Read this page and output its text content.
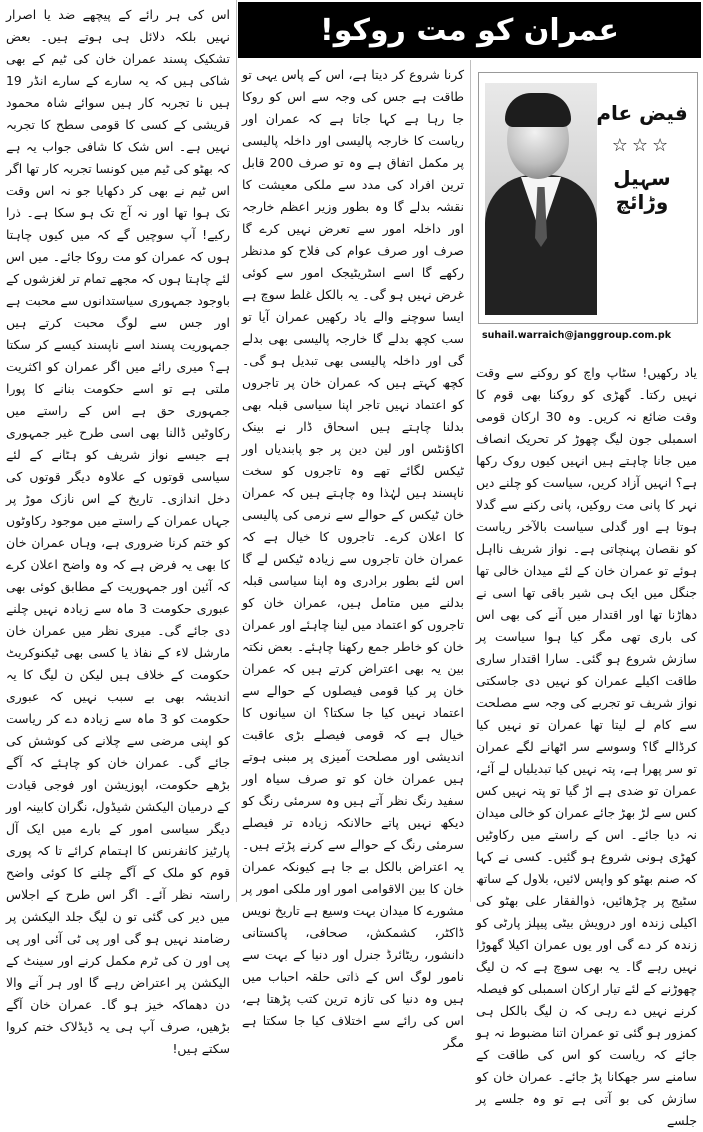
عمران کو مت روکو!
فیض عام
☆☆☆
سہیل وڑائچ
suhail.warraich@janggroup.com.pk

یاد رکھیں! سٹاپ واچ کو روکنے سے وقت نہیں رکتا۔ گھڑی کو روکنا بھی قوم کا وقت ضائع نہ کریں۔ وہ 30 ارکان قومی اسمبلی جون لیگ چھوڑ کر تحریک انصاف میں جانا چاہتے ہیں انہیں کیوں روک رکھا ہے؟ انہیں آزاد کریں، سیاست کو چلنے دیں نہر کا پانی مت روکیں، پانی رکنے سے گدلا ہوتا ہے اور گدلی سیاست بالآخر ریاست کو نقصان پہنچاتی ہے۔ نواز شریف نااہل ہوئے تو عمران خان کے لئے میدان خالی تھا جنگل میں ایک ہی شیر باقی تھا اسی نے دھاڑنا تھا اور اقتدار میں آنے کی بھی اس کی باری تھی مگر کیا ہوا سیاست پر سازش شروع ہو گئی۔ سارا اقتدار ساری طاقت اکیلے عمران کو نہیں دی جاسکتی نواز شریف تو تجربے کی وجہ سے مصلحت سے کام لے لیتا تھا عمران تو نہیں کیا کرڈالے گا؟ وسوسے سر اٹھانے لگے عمران تو سر پھرا ہے، پتہ نہیں کیا تبدیلیاں لے آئے، عمران تو ضدی ہے اڑ گیا تو پتہ نہیں کس کس سے لڑ بھڑ جائے عمران کو خالی میدان نہ دیا جائے۔ اس کے راستے میں رکاوٹیں کھڑی ہونی شروع ہو گئیں۔ کسی نے کہا کہ صنم بھٹو کو واپس لائیں، بلاول کے ساتھ سٹیج پر چڑھائیں، ذوالفقار علی بھٹو کی اکیلی زندہ اور درویش بیٹی پیپلز پارٹی کو زندہ کر دے گی اور یوں عمران اکیلا گھوڑا نہیں رہے گا۔ یہ بھی سوچ ہے کہ ن لیگ چھوڑنے کے لئے تیار ارکان اسمبلی کو فیصلہ کرنے نہیں دے رہی کہ ن لیگ بالکل ہی کمزور ہو گئی تو عمران اتنا مضبوط نہ ہو جائے کہ ریاست کو اس کی طاقت کے سامنے سر جھکانا پڑ جائے۔ عمران خان کو سازش کی بو آتی ہے تو وہ جلسے پر جلسے

کرنا شروع کر دیتا ہے، اس کے پاس یہی تو طاقت ہے جس کی وجہ سے اس کو روکا جا رہا ہے کہا جاتا ہے کہ عمران اور ریاست کا خارجہ پالیسی اور داخلہ پالیسی پر مکمل اتفاق ہے وہ تو صرف 200 قابل ترین افراد کی مدد سے ملکی معیشت کا نقشہ بدلے گا وہ بطور وزیر اعظم خارجہ اور داخلہ امور سے تعرض نہیں کرے گا صرف اور صرف عوام کی فلاح کو مدنظر رکھے گا اسے اسٹریٹیجک امور سے کوئی غرض نہیں ہو گی۔ یہ بالکل غلط سوچ ہے ایسا سوچنے والے یاد رکھیں عمران آیا تو سب کچھ بدلے گا خارجہ پالیسی بھی بدلے گی اور داخلہ پالیسی بھی تبدیل ہو گی۔ کچھ کہتے ہیں کہ عمران خان پر تاجروں کو اعتماد نہیں تاجر اپنا سیاسی قبلہ بھی بدلنا چاہتے ہیں اسحاق ڈار نے بینک اکاؤنٹس اور لین دین پر جو پابندیاں اور ٹیکس لگائے تھے وہ تاجروں کو سخت ناپسند ہیں لہٰذا وہ چاہتے ہیں کہ عمران خان ٹیکس کے حوالے سے نرمی کی پالیسی کا اعلان کرے۔ تاجروں کا خیال ہے کہ عمران خان تاجروں سے زیادہ ٹیکس لے گا اس لئے بطور برادری وہ اپنا سیاسی قبلہ بدلنے میں متامل ہیں، عمران خان کو تاجروں کو اعتماد میں لینا چاہئے اور عمران خان کو خاطر جمع رکھنا چاہئے۔ بعض نکتہ بین یہ بھی اعتراض کرتے ہیں کہ عمران خان پر کیا قومی فیصلوں کے حوالے سے اعتماد نہیں کیا جا سکتا؟ ان سیانوں کا خیال ہے کہ قومی فیصلے بڑی عاقبت اندیشی اور مصلحت آمیزی پر مبنی ہوتے ہیں عمران خان کو تو صرف سیاہ اور سفید رنگ نظر آتے ہیں وہ سرمئی رنگ کو دیکھ نہیں پاتے حالانکہ زیادہ تر فیصلے سرمئی رنگ کے حوالے سے کرنے پڑتے ہیں۔ یہ اعتراض بالکل بے جا ہے کیونکہ عمران خان کا بین الاقوامی امور اور ملکی امور پر مشورے کا میدان بہت وسیع ہے تاریخ نویس ڈاکٹر، کشمکش، صحافی، پاکستانی دانشور، ریٹائرڈ جنرل اور دنیا کے بہت سے نامور لوگ اس کے ذاتی حلقہ احباب میں ہیں وہ دنیا کی تازہ ترین کتب پڑھتا ہے، اس کی رائے سے اختلاف کیا جا سکتا ہے مگر

اس کی ہر رائے کے پیچھے ضد یا اصرار نہیں بلکہ دلائل ہی ہوتے ہیں۔ بعض تشکیک پسند عمران خان کی ٹیم کے بھی شاکی ہیں کہ یہ سارے کے سارے انڈر 19 ہیں نا تجربہ کار ہیں سوائے شاہ محمود قریشی کے کسی کا قومی سطح کا تجربہ نہیں ہے۔ اس شک کا شافی جواب یہ ہے کہ بھٹو کی ٹیم میں کونسا تجربہ کار تھا اگر اس ٹیم نے بھی کر دکھایا جو نہ اس وقت تک ہوا تھا اور نہ آج تک ہو سکا ہے۔ ذرا رکیے! آپ سوچیں گے کہ میں کیوں چاہتا ہوں کہ عمران کو مت روکا جائے۔ میں اس لئے چاہتا ہوں کہ مجھے تمام تر لغزشوں کے باوجود جمہوری سیاستدانوں سے محبت ہے اور جس سے لوگ محبت کرتے ہیں جمہوریت پسند اسے ناپسند کیسے کر سکتا ہے؟ میری رائے میں اگر عمران کو اکثریت ملتی ہے تو اسے حکومت بنانے کا پورا جمہوری حق ہے اس کے راستے میں رکاوٹیں ڈالنا بھی اسی طرح غیر جمہوری ہے جیسے نواز شریف کو ہٹانے کے لئے سیاسی قوتوں کے علاوہ دیگر قوتوں کی دخل اندازی۔ تاریخ کے اس نازک موڑ پر جہاں عمران کے راستے میں موجود رکاوٹوں کو ختم کرنا ضروری ہے، وہاں عمران خان کا بھی یہ فرض ہے کہ وہ واضح اعلان کرے کہ آئین اور جمہوریت کے مطابق کوئی بھی عبوری حکومت 3 ماہ سے زیادہ نہیں چلنے دی جائے گی۔ میری نظر میں عمران خان مارشل لاء کے نفاذ یا کسی بھی ٹیکنوکریٹ حکومت کے خلاف ہیں لیکن ن لیگ کا یہ اندیشہ بھی بے سبب نہیں کہ عبوری حکومت کو 3 ماہ سے زیادہ دے کر ریاست کو اپنی مرضی سے چلانے کی کوشش کی جائے گی۔ عمران خان کو چاہئے کہ آگے بڑھے حکومت، اپوزیشن اور فوجی قیادت کے درمیان الیکشن شیڈول، نگران کابینہ اور دیگر سیاسی امور کے بارے میں ایک آل پارٹیز کانفرنس کا اہتمام کرائے تا کہ پوری قوم کو ملک کے آگے چلنے کا کوئی واضح راستہ نظر آئے۔ اگر اس طرح کے اجلاس میں دیر کی گئی تو ن لیگ جلد الیکشن پر رضامند نہیں ہو گی اور پی ٹی آئی اور پی پی اور ن کی ٹرم مکمل کرنے اور سینٹ کے الیکشن پر اعتراض رہے گا اور ہر آنے والا دن دھماکہ خیز ہو گا۔ عمران خان آگے بڑھیں، صرف آپ ہی یہ ڈیڈلاک ختم کروا سکتے ہیں!
